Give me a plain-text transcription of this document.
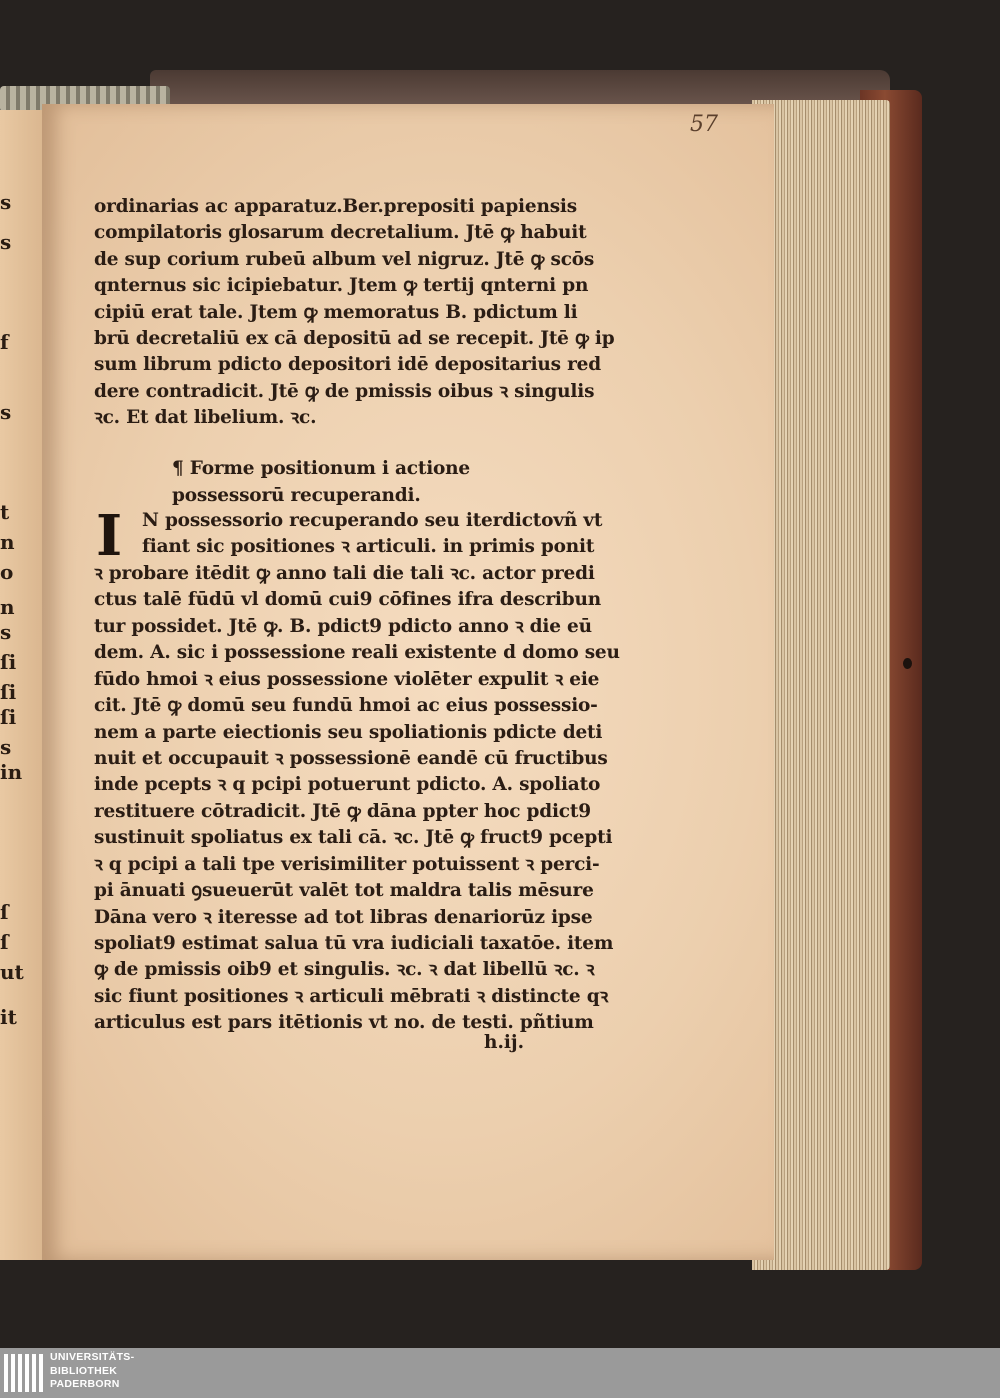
s
s
f
s
t
n
o
n
s
ſi
ſi
ſi
s
in
ſ
ſ
ut
it
57
ordinarias ac apparatuz.Ber.prepositi papiensis
compilatoris glosarum decretalium. Jtē ꝙ habuit
de sup corium rubeū album vel nigruz. Jtē ꝙ scōs
qnternus sic icipiebatur. Jtem ꝙ tertij qnterni pn
cipiū erat tale. Jtem ꝙ memoratus B. pdictum li
brū decretaliū ex cā depositū ad se recepit. Jtē ꝙ ip
sum librum pdicto depositori idē depositarius red
dere contradicit. Jtē ꝙ de pmissis oibus ꝛ singulis
ꝛc. Et dat libelium. ꝛc.
¶ Forme positionum i actione
possessorū recuperandi.
I	N possessorio recuperando seu iterdictovñ vt
fiant sic positiones ꝛ articuli. in primis ponit
ꝛ probare itēdit ꝙ anno tali die tali ꝛc. actor predi
ctus talē fūdū vl domū cui9 cōfines ifra describun
tur possidet. Jtē ꝙ. B. pdict9 pdicto anno ꝛ die eū
dem. A. sic i possessione reali existente d domo seu
fūdo hmoi ꝛ eius possessione violēter expulit ꝛ eie
cit. Jtē ꝙ domū seu fundū hmoi ac eius possessio-
nem a parte eiectionis seu spoliationis pdicte deti
nuit et occupauit ꝛ possessionē eandē cū fructibus
inde pcepts ꝛ q pcipi potuerunt pdicto. A. spoliato
restituere cōtradicit. Jtē ꝙ dāna ppter hoc pdict9
sustinuit spoliatus ex tali cā. ꝛc. Jtē ꝙ fruct9 pcepti
ꝛ q pcipi a tali tpe verisimiliter potuissent ꝛ perci-
pi ānuati ꝯsueuerūt valēt tot maldra talis mēsure
Dāna vero ꝛ iteresse ad tot libras denariorūz ipse
spoliat9 estimat salua tū vra iudiciali taxatōe. item
ꝙ de pmissis oib9 et singulis. ꝛc. ꝛ dat libellū ꝛc. ꝛ
sic fiunt positiones ꝛ articuli mēbrati ꝛ distincte qꝛ
articulus est pars itētionis vt no. de testi. pñtium
h.ij.
UNIVERSITÄTS-
BIBLIOTHEK
PADERBORN
